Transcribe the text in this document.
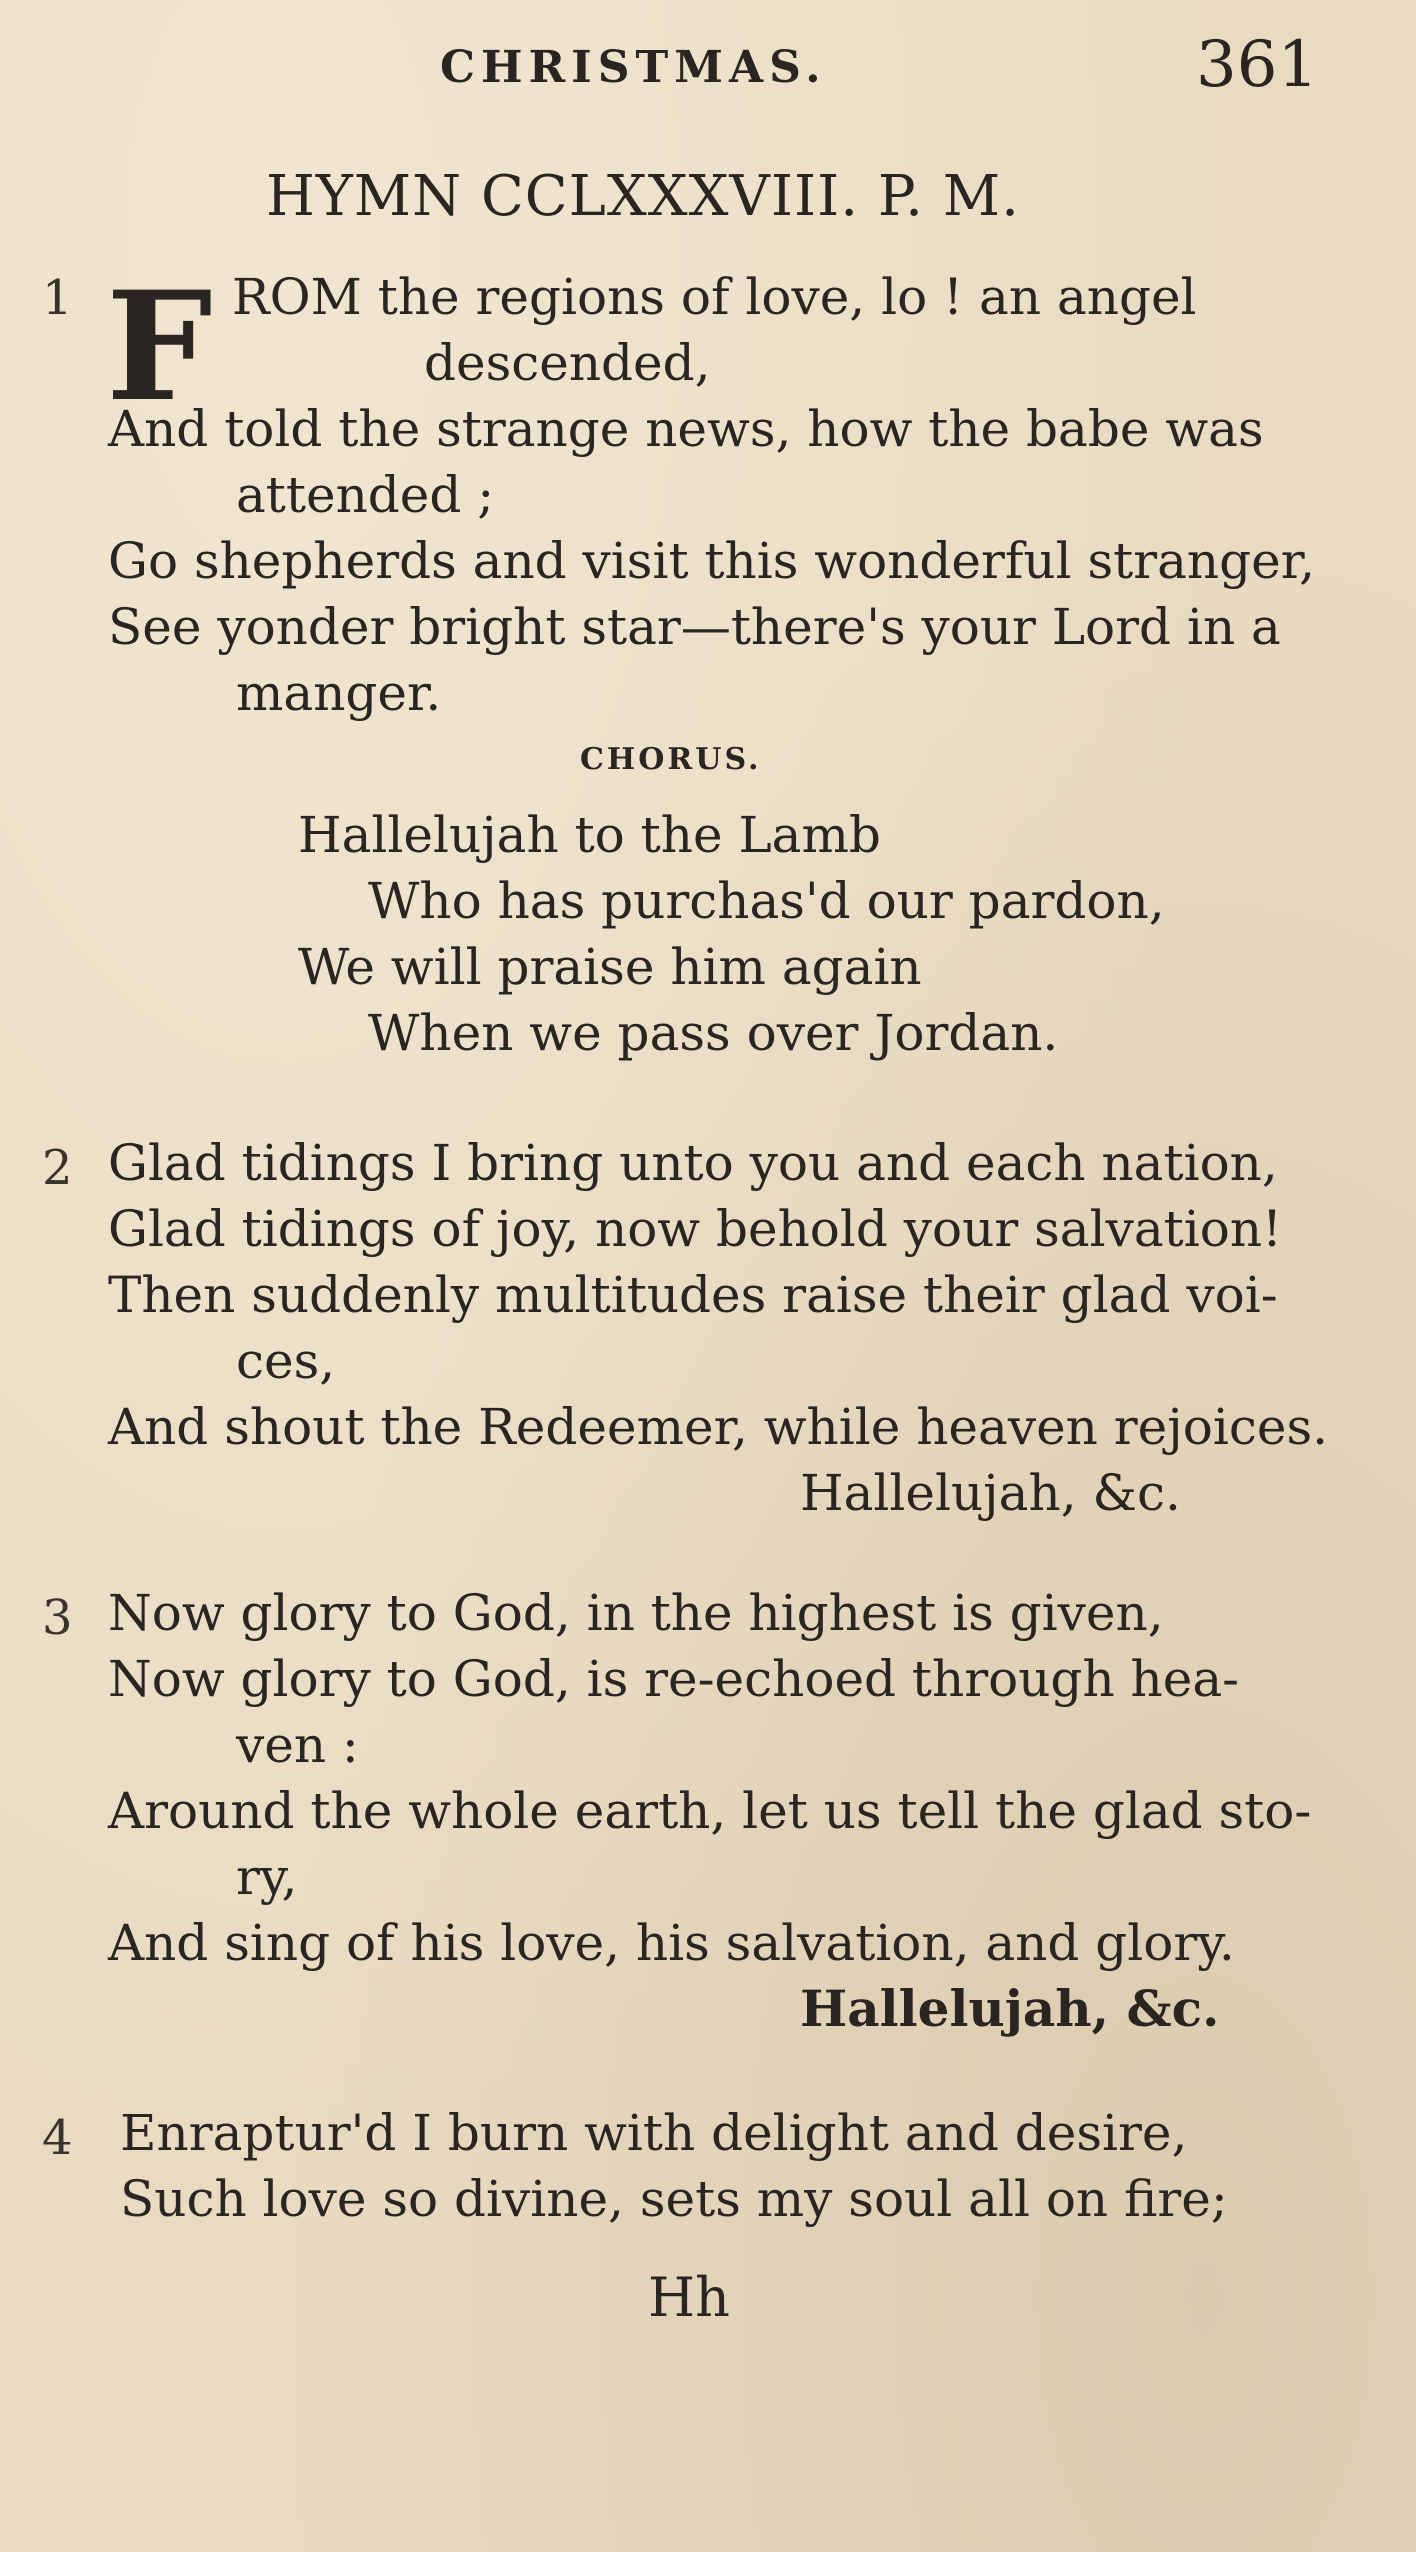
CHRISTMAS.	361
HYMN CCLXXXVIII. P. M.
1 F ROM the regions of love, lo ! an angel
descended,
And told the strange news, how the babe was
attended ;
Go shepherds and visit this wonderful stranger,
See yonder bright star—there's your Lord in a
manger.
CHORUS.
Hallelujah to the Lamb
Who has purchas'd our pardon,
We will praise him again
When we pass over Jordan.
2 Glad tidings I bring unto you and each nation,
Glad tidings of joy, now behold your salvation!
Then suddenly multitudes raise their glad voi-
ces,
And shout the Redeemer, while heaven rejoices.
Hallelujah, &c.
3 Now glory to God, in the highest is given,
Now glory to God, is re-echoed through hea-
ven :
Around the whole earth, let us tell the glad sto-
ry,
And sing of his love, his salvation, and glory.
Hallelujah, &c.
4 Enraptur'd I burn with delight and desire,
Such love so divine, sets my soul all on fire;
Hh
